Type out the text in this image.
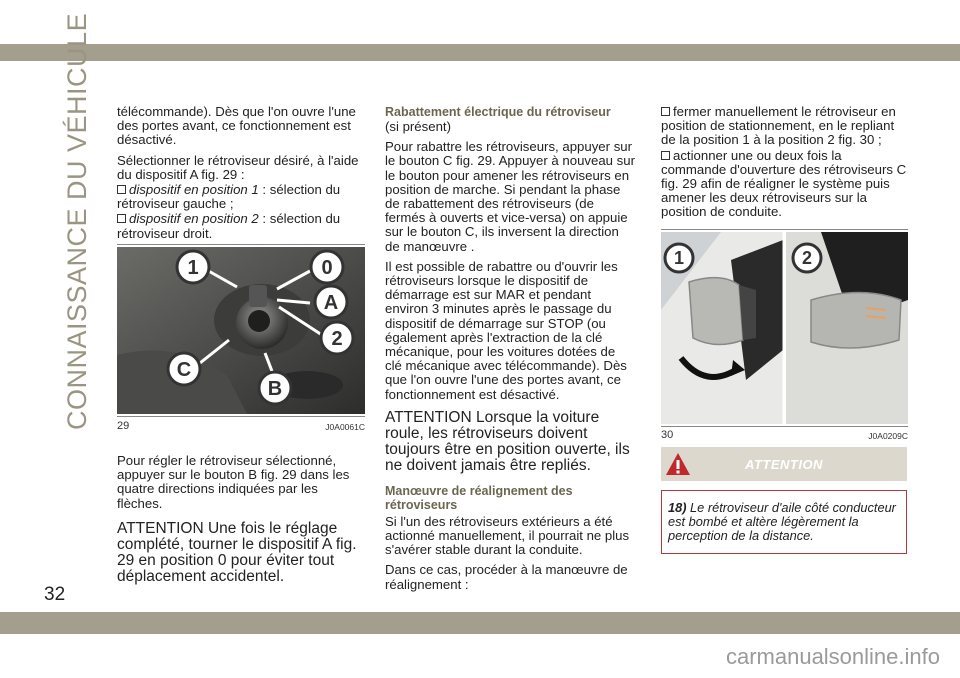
carmanualsonline.info
CONNAISSANCE DU VÉHICULE
32

télécommande). Dès que l'on ouvre l'une des portes avant, ce fonctionnement est désactivé.

Sélectionner le rétroviseur désiré, à l'aide du dispositif A fig. 29 :

dispositif en position 1 : sélection du rétroviseur gauche ;

dispositif en position 2 : sélection du rétroviseur droit.

1	0
A
2
C
B
29	J0A0061C

Pour régler le rétroviseur sélectionné, appuyer sur le bouton B fig. 29 dans les quatre directions indiquées par les flèches.

ATTENTION Une fois le réglage complété, tourner le dispositif A fig. 29 en position 0 pour éviter tout déplacement accidentel.

Rabattement électrique du rétroviseur

(si présent)

Pour rabattre les rétroviseurs, appuyer sur le bouton C fig. 29. Appuyer à nouveau sur le bouton pour amener les rétroviseurs en position de marche. Si pendant la phase de rabattement des rétroviseurs (de fermés à ouverts et vice-versa) on appuie sur le bouton C, ils inversent la direction de manœuvre .

Il est possible de rabattre ou d'ouvrir les rétroviseurs lorsque le dispositif de démarrage est sur MAR et pendant environ 3 minutes après le passage du dispositif de démarrage sur STOP (ou également après l'extraction de la clé mécanique, pour les voitures dotées de clé mécanique avec télécommande). Dès que l'on ouvre l'une des portes avant, ce fonctionnement est désactivé.

ATTENTION Lorsque la voiture roule, les rétroviseurs doivent toujours être en position ouverte, ils ne doivent jamais être repliés.

Manœuvre de réalignement des rétroviseurs

Si l'un des rétroviseurs extérieurs a été actionné manuellement, il pourrait ne plus s'avérer stable durant la conduite.

Dans ce cas, procéder à la manœuvre de réalignement :

fermer manuellement le rétroviseur en position de stationnement, en le repliant de la position 1 à la position 2 fig. 30 ;

actionner une ou deux fois la commande d'ouverture des rétroviseurs C fig. 29 afin de réaligner le système puis amener les deux rétroviseurs sur la position de conduite.

1	2
30	J0A0209C
ATTENTION
18) Le rétroviseur d'aile côté conducteur est bombé et altère légèrement la perception de la distance.
